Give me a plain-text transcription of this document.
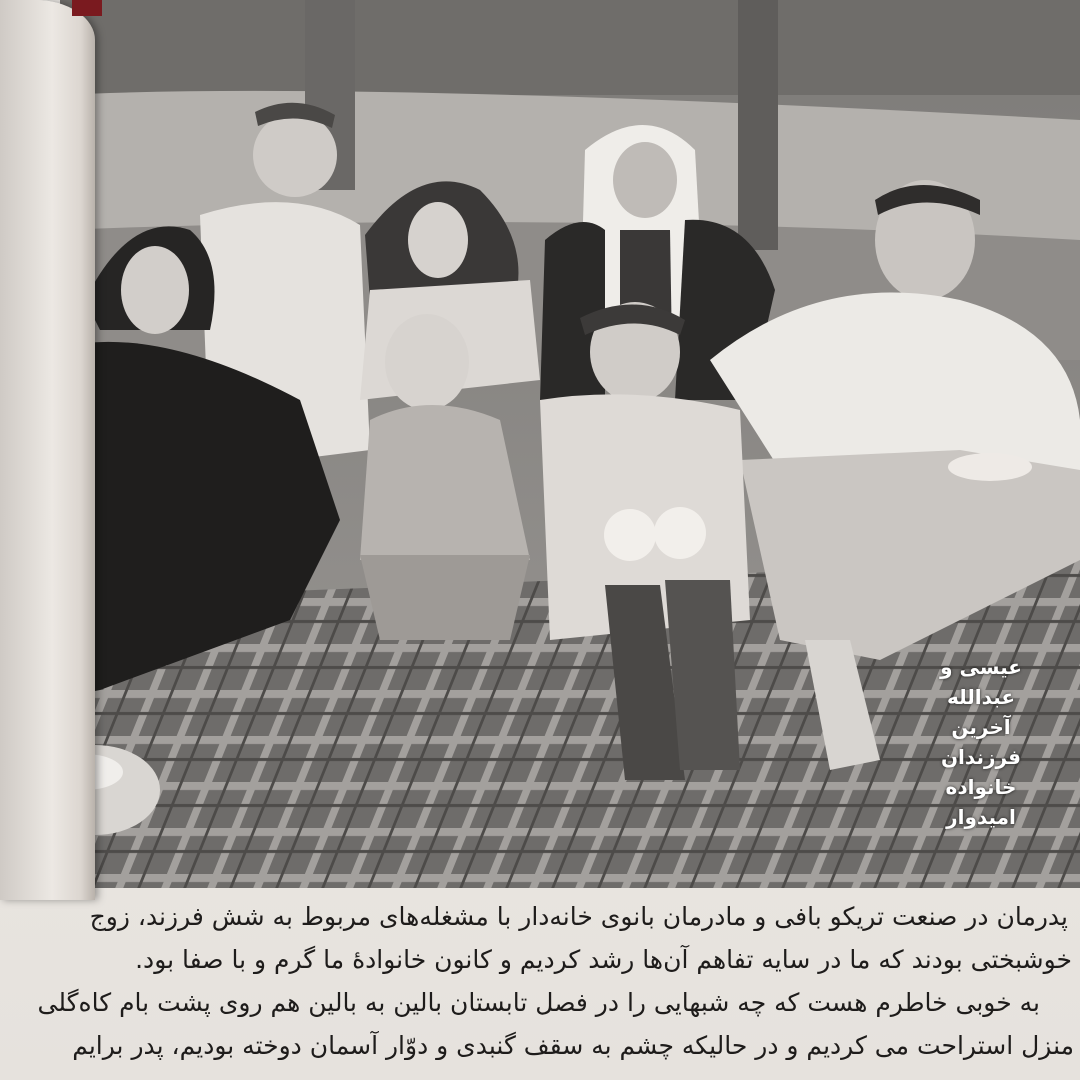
عیسی و
عبدالله
آخرین
فرزندان
خانواده
امیدوار
پدرمان در صنعت تریکو بافی و مادرمان بانوی خانه‌دار با مشغله‌های مربوط به شش فرزند، زوج
خوشبختی بودند که ما در سایه تفاهم آن‌ها رشد کردیم و کانون خانوادهٔ ما گرم و با صفا بود.
به خوبی خاطرم هست که چه شبهایی را در فصل تابستان بالین به بالین هم روی پشت بام کاه‌گلی
منزل استراحت می کردیم و در حالیکه چشم به سقف گنبدی و دوّار آسمان دوخته بودیم، پدر برایم
